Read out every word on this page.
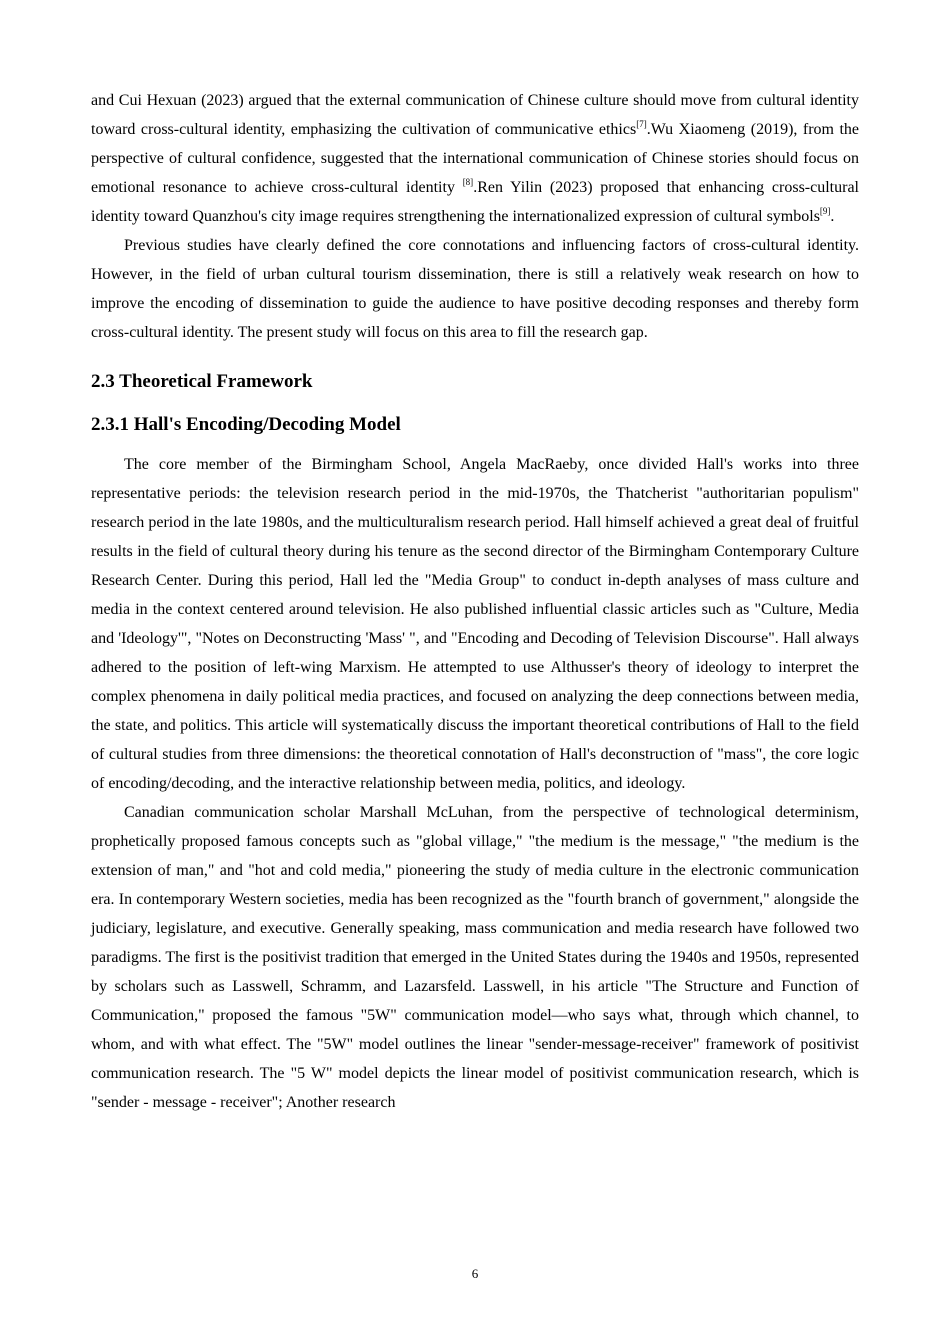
and Cui Hexuan (2023) argued that the external communication of Chinese culture should move from cultural identity toward cross-cultural identity, emphasizing the cultivation of communicative ethics[7].Wu Xiaomeng (2019), from the perspective of cultural confidence, suggested that the international communication of Chinese stories should focus on emotional resonance to achieve cross-cultural identity [8].Ren Yilin (2023) proposed that enhancing cross-cultural identity toward Quanzhou's city image requires strengthening the internationalized expression of cultural symbols[9].

Previous studies have clearly defined the core connotations and influencing factors of cross-cultural identity. However, in the field of urban cultural tourism dissemination, there is still a relatively weak research on how to improve the encoding of dissemination to guide the audience to have positive decoding responses and thereby form cross-cultural identity. The present study will focus on this area to fill the research gap.

2.3 Theoretical Framework
2.3.1 Hall's Encoding/Decoding Model

The core member of the Birmingham School, Angela MacRaeby, once divided Hall's works into three representative periods: the television research period in the mid-1970s, the Thatcherist "authoritarian populism" research period in the late 1980s, and the multiculturalism research period. Hall himself achieved a great deal of fruitful results in the field of cultural theory during his tenure as the second director of the Birmingham Contemporary Culture Research Center. During this period, Hall led the "Media Group" to conduct in-depth analyses of mass culture and media in the context centered around television. He also published influential classic articles such as "Culture, Media and 'Ideology'", "Notes on Deconstructing 'Mass' ", and "Encoding and Decoding of Television Discourse". Hall always adhered to the position of left-wing Marxism. He attempted to use Althusser's theory of ideology to interpret the complex phenomena in daily political media practices, and focused on analyzing the deep connections between media, the state, and politics. This article will systematically discuss the important theoretical contributions of Hall to the field of cultural studies from three dimensions: the theoretical connotation of Hall's deconstruction of "mass", the core logic of encoding/decoding, and the interactive relationship between media, politics, and ideology.

Canadian communication scholar Marshall McLuhan, from the perspective of technological determinism, prophetically proposed famous concepts such as "global village," "the medium is the message," "the medium is the extension of man," and "hot and cold media," pioneering the study of media culture in the electronic communication era. In contemporary Western societies, media has been recognized as the "fourth branch of government," alongside the judiciary, legislature, and executive. Generally speaking, mass communication and media research have followed two paradigms. The first is the positivist tradition that emerged in the United States during the 1940s and 1950s, represented by scholars such as Lasswell, Schramm, and Lazarsfeld. Lasswell, in his article "The Structure and Function of Communication," proposed the famous "5W" communication model—who says what, through which channel, to whom, and with what effect. The "5W" model outlines the linear "sender-message-receiver" framework of positivist communication research. The "5 W" model depicts the linear model of positivist communication research, which is "sender - message - receiver"; Another research

6
